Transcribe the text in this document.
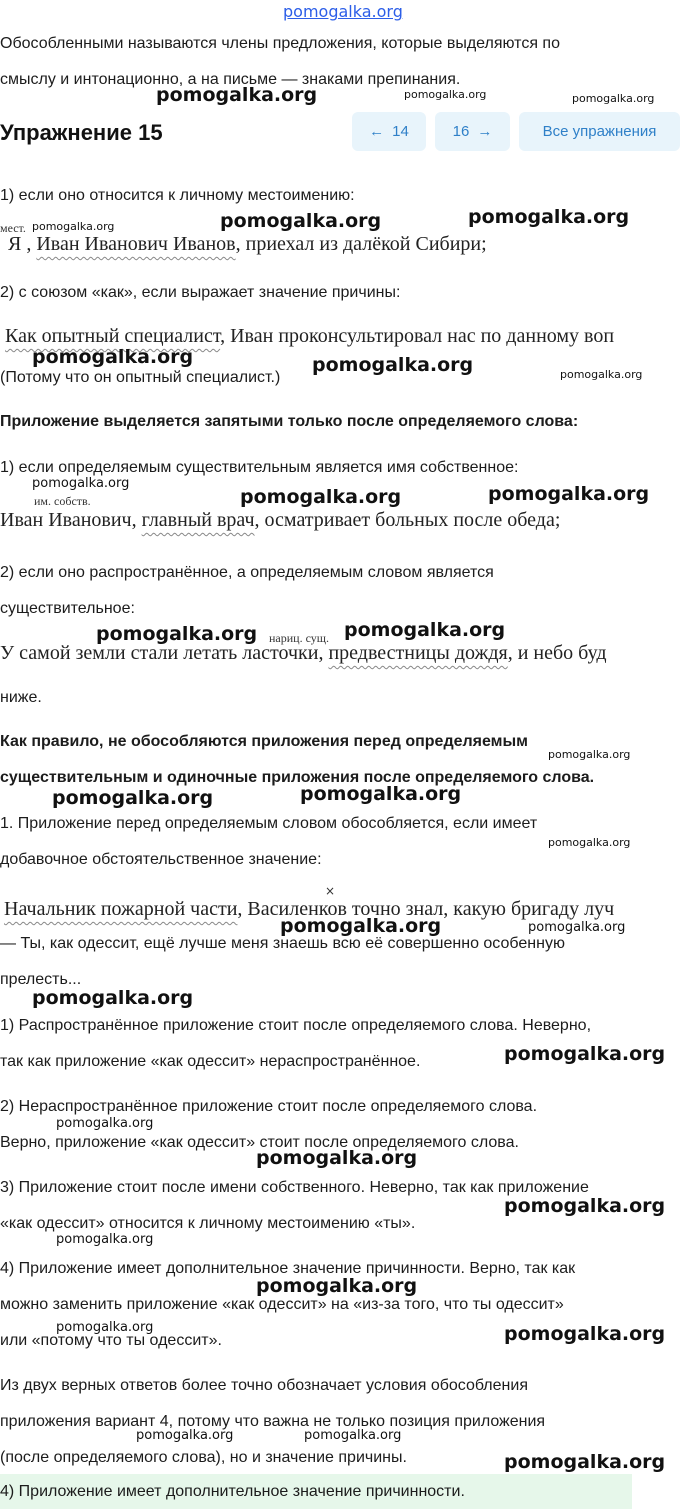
pomogalka.org
Обособленными называются члены предложения, которые выделяются по
смыслу и интонационно, а на письме — знаками препинания.
Упражнение 15	← 14	16 →	Все упражнения
1) если оно относится к личному местоимению:
мест.
Я , Иван Иванович Иванов, приехал из далёкой Сибири;
2) с союзом «как», если выражает значение причины:
Как опытный специалист, Иван проконсультировал нас по данному воп
(Потому что он опытный специалист.)
Приложение выделяется запятыми только после определяемого слова:
1) если определяемым существительным является имя собственное:
им. собств.
Иван Иванович, главный врач, осматривает больных после обеда;
2) если оно распространённое, а определяемым словом является
существительное:
нариц. сущ.
У самой земли стали летать ласточки, предвестницы дождя, и небо буд
ниже.
Как правило, не обособляются приложения перед определяемым
существительным и одиночные приложения после определяемого слова.
1. Приложение перед определяемым словом обособляется, если имеет
добавочное обстоятельственное значение:
×
Начальник пожарной части, Василенков точно знал, какую бригаду луч
— Ты, как одессит, ещё лучше меня знаешь всю её совершенно особенную
прелесть...
1) Распространённое приложение стоит после определяемого слова. Неверно,
так как приложение «как одессит» нераспространённое.
2) Нераспространённое приложение стоит после определяемого слова.
Верно, приложение «как одессит» стоит после определяемого слова.
3) Приложение стоит после имени собственного. Неверно, так как приложение
«как одессит» относится к личному местоимению «ты».
4) Приложение имеет дополнительное значение причинности. Верно, так как
можно заменить приложение «как одессит» на «из-за того, что ты одессит»
или «потому что ты одессит».
Из двух верных ответов более точно обозначает условия обособления
приложения вариант 4, потому что важна не только позиция приложения
(после определяемого слова), но и значение причины.
4) Приложение имеет дополнительное значение причинности.
pomogalka.org	pomogalka.org	pomogalka.org
pomogalka.org	pomogalka.org	pomogalka.org
pomogalka.org	pomogalka.org	pomogalka.org
pomogalka.org
pomogalka.org	pomogalka.org
pomogalka.org	pomogalka.org
pomogalka.org
pomogalka.org	pomogalka.org
pomogalka.org
pomogalka.org	pomogalka.org
pomogalka.org
pomogalka.org
pomogalka.org
pomogalka.org
pomogalka.org
pomogalka.org
pomogalka.org
pomogalka.org	pomogalka.org
pomogalka.org	pomogalka.org
pomogalka.org
